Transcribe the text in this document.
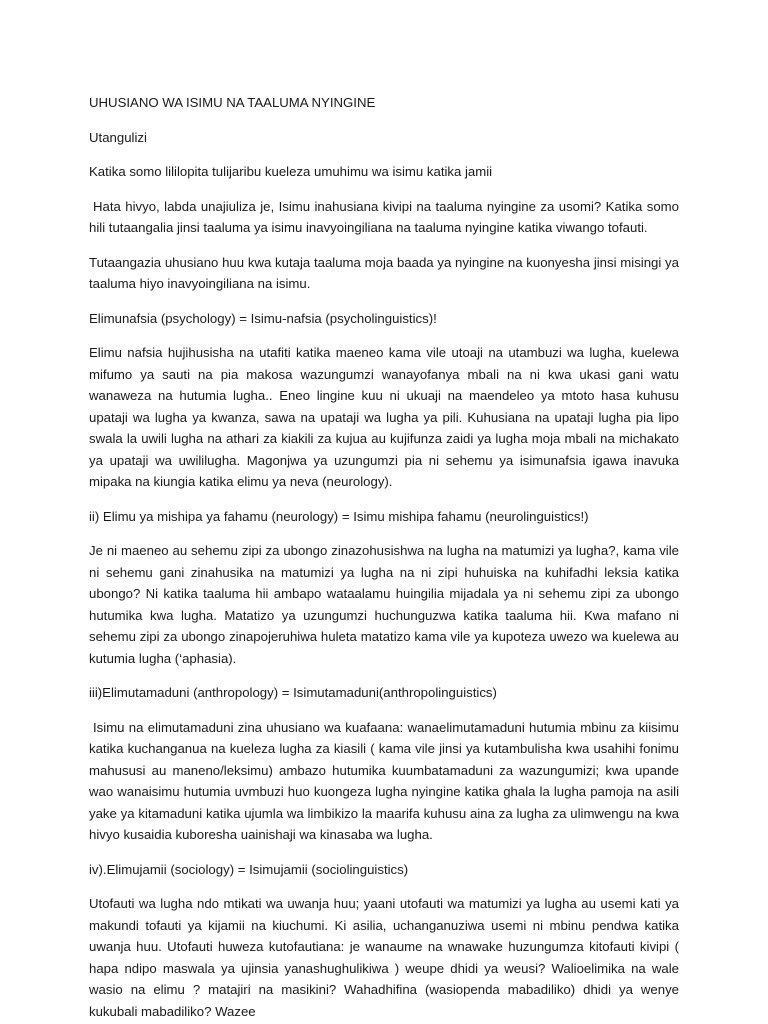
UHUSIANO WA ISIMU NA TAALUMA NYINGINE

Utangulizi

Katika somo lililopita tulijaribu kueleza umuhimu wa isimu katika jamii

Hata hivyo, labda unajiuliza je, Isimu inahusiana kivipi na taaluma nyingine za usomi? Katika somo hili tutaangalia jinsi taaluma ya isimu inavyoingiliana na taaluma nyingine katika viwango tofauti.

Tutaangazia uhusiano huu kwa kutaja taaluma moja baada ya nyingine na kuonyesha jinsi misingi ya taaluma hiyo inavyoingiliana na isimu.

Elimunafsia (psychology) = Isimu-nafsia (psycholinguistics)!

Elimu nafsia hujihusisha na utafiti katika maeneo kama vile utoaji na utambuzi wa lugha, kuelewa mifumo ya sauti na pia makosa wazungumzi wanayofanya mbali na ni kwa ukasi gani watu wanaweza na hutumia lugha.. Eneo lingine kuu ni ukuaji na maendeleo ya mtoto hasa kuhusu upataji wa lugha ya kwanza, sawa na upataji wa lugha ya pili. Kuhusiana na upataji lugha pia lipo swala la uwili lugha na athari za kiakili za kujua au kujifunza zaidi ya lugha moja mbali na michakato ya upataji wa uwililugha. Magonjwa ya uzungumzi pia ni sehemu ya isimunafsia igawa inavuka mipaka na kiungia katika elimu ya neva (neurology).

ii) Elimu ya mishipa ya fahamu (neurology) = Isimu mishipa fahamu (neurolinguistics!)

Je ni maeneo au sehemu zipi za ubongo zinazohusishwa na lugha na matumizi ya lugha?, kama vile ni sehemu gani zinahusika na matumizi ya lugha na ni zipi huhuiska na kuhifadhi leksia katika ubongo? Ni katika taaluma hii ambapo wataalamu huingilia mijadala ya ni sehemu zipi za ubongo hutumika kwa lugha. Matatizo ya uzungumzi huchunguzwa katika taaluma hii. Kwa mafano ni sehemu zipi za ubongo zinapojeruhiwa huleta matatizo kama vile ya kupoteza uwezo wa kuelewa au kutumia lugha (‘aphasia).

iii)Elimutamaduni (anthropology) = Isimutamaduni(anthropolinguistics)

Isimu na elimutamaduni zina uhusiano wa kuafaana: wanaelimutamaduni hutumia mbinu za kiisimu katika kuchanganua na kueleza lugha za kiasili ( kama vile jinsi ya kutambulisha kwa usahihi fonimu mahususi au maneno/leksimu) ambazo hutumika kuumbatamaduni za wazungumizi; kwa upande wao wanaisimu hutumia uvmbuzi huo kuongeza lugha nyingine katika ghala la lugha pamoja na asili yake ya kitamaduni katika ujumla wa limbikizo la maarifa kuhusu aina za lugha za ulimwengu na kwa hivyo kusaidia kuboresha uainishaji wa kinasaba wa lugha.

iv).Elimujamii (sociology) = Isimujamii (sociolinguistics)

Utofauti wa lugha ndo mtikati wa uwanja huu; yaani utofauti wa matumizi ya lugha au usemi kati ya makundi tofauti ya kijamii na kiuchumi. Ki asilia, uchanganuziwa usemi ni mbinu pendwa katika uwanja huu. Utofauti huweza kutofautiana: je wanaume na wnawake huzungumza kitofauti kivipi ( hapa ndipo maswala ya ujinsia yanashughulikiwa ) weupe dhidi ya weusi? Walioelimika na wale wasio na elimu ? matajiri na masikini? Wahadhifina (wasiopenda mabadiliko) dhidi ya wenye kukubali mabadiliko? Wazee
